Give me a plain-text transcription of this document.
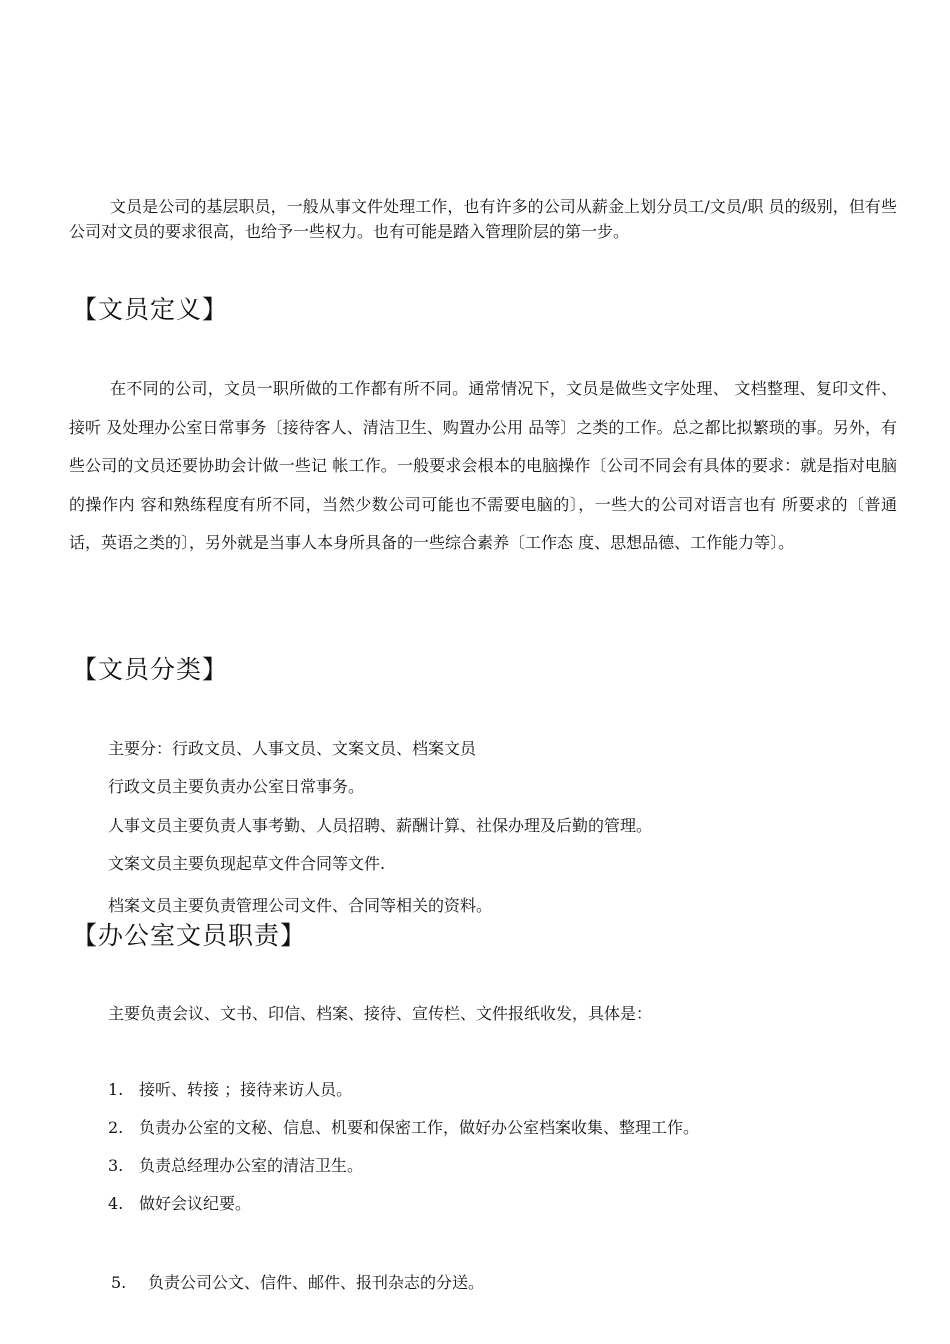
文员是公司的基层职员，一般从事文件处理工作，也有许多的公司从薪金上划分员工/文员/职 员的级别，但有些公司对文员的要求很高，也给予一些权力。也有可能是踏入管理阶层的第一步。

【文员定义】

在不同的公司，文员一职所做的工作都有所不同。通常情况下，文员是做些文字处理、 文档整理、复印文件、接听 及处理办公室日常事务〔接待客人、清洁卫生、购置办公用 品等〕之类的工作。总之都比拟繁琐的事。另外，有些公司的文员还要协助会计做一些记 帐工作。一般要求会根本的电脑操作〔公司不同会有具体的要求：就是指对电脑的操作内 容和熟练程度有所不同，当然少数公司可能也不需要电脑的〕，一些大的公司对语言也有 所要求的〔普通话，英语之类的〕，另外就是当事人本身所具备的一些综合素养〔工作态 度、思想品德、工作能力等〕。

【文员分类】
主要分：行政文员、人事文员、文案文员、档案文员
行政文员主要负责办公室日常事务。
人事文员主要负责人事考勤、人员招聘、薪酬计算、社保办理及后勤的管理。
文案文员主要负现起草文件合同等文件.
档案文员主要负责管理公司文件、合同等相关的资料。
【办公室文员职责】
主要负责会议、文书、印信、档案、接待、宣传栏、文件报纸收发，具体是：
1. 接听、转接 ；接待来访人员。
2. 负责办公室的文秘、信息、机要和保密工作，做好办公室档案收集、整理工作。
3. 负责总经理办公室的清洁卫生。
4. 做好会议纪要。
5. 负责公司公文、信件、邮件、报刊杂志的分送。
